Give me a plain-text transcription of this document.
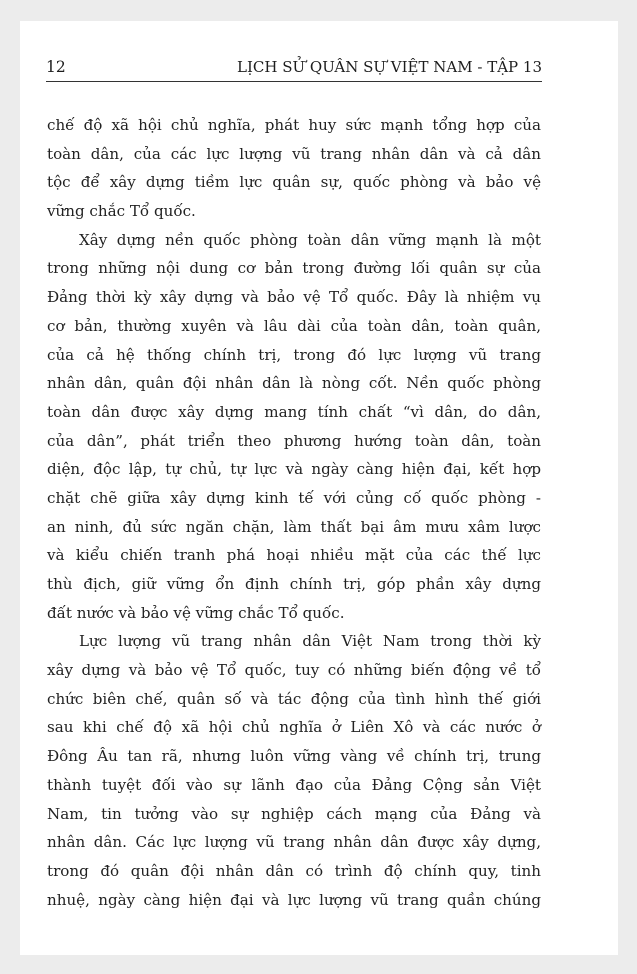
12	LỊCH SỬ QUÂN SỰ VIỆT NAM - TẬP 13
chế độ xã hội chủ nghĩa, phát huy sức mạnh tổng hợp của
toàn dân, của các lực lượng vũ trang nhân dân và cả dân
tộc để xây dựng tiềm lực quân sự, quốc phòng và bảo vệ
vững chắc Tổ quốc.
Xây dựng nền quốc phòng toàn dân vững mạnh là một
trong những nội dung cơ bản trong đường lối quân sự của
Đảng thời kỳ xây dựng và bảo vệ Tổ quốc. Đây là nhiệm vụ
cơ bản, thường xuyên và lâu dài của toàn dân, toàn quân,
của cả hệ thống chính trị, trong đó lực lượng vũ trang
nhân dân, quân đội nhân dân là nòng cốt. Nền quốc phòng
toàn dân được xây dựng mang tính chất “vì dân, do dân,
của dân”, phát triển theo phương hướng toàn dân, toàn
diện, độc lập, tự chủ, tự lực và ngày càng hiện đại, kết hợp
chặt chẽ giữa xây dựng kinh tế với củng cố quốc phòng -
an ninh, đủ sức ngăn chặn, làm thất bại âm mưu xâm lược
và kiểu chiến tranh phá hoại nhiều mặt của các thế lực
thù địch, giữ vững ổn định chính trị, góp phần xây dựng
đất nước và bảo vệ vững chắc Tổ quốc.
Lực lượng vũ trang nhân dân Việt Nam trong thời kỳ
xây dựng và bảo vệ Tổ quốc, tuy có những biến động về tổ
chức biên chế, quân số và tác động của tình hình thế giới
sau khi chế độ xã hội chủ nghĩa ở Liên Xô và các nước ở
Đông Âu tan rã, nhưng luôn vững vàng về chính trị, trung
thành tuyệt đối vào sự lãnh đạo của Đảng Cộng sản Việt
Nam, tin tưởng vào sự nghiệp cách mạng của Đảng và
nhân dân. Các lực lượng vũ trang nhân dân được xây dựng,
trong đó quân đội nhân dân có trình độ chính quy, tinh
nhuệ, ngày càng hiện đại và lực lượng vũ trang quần chúng
